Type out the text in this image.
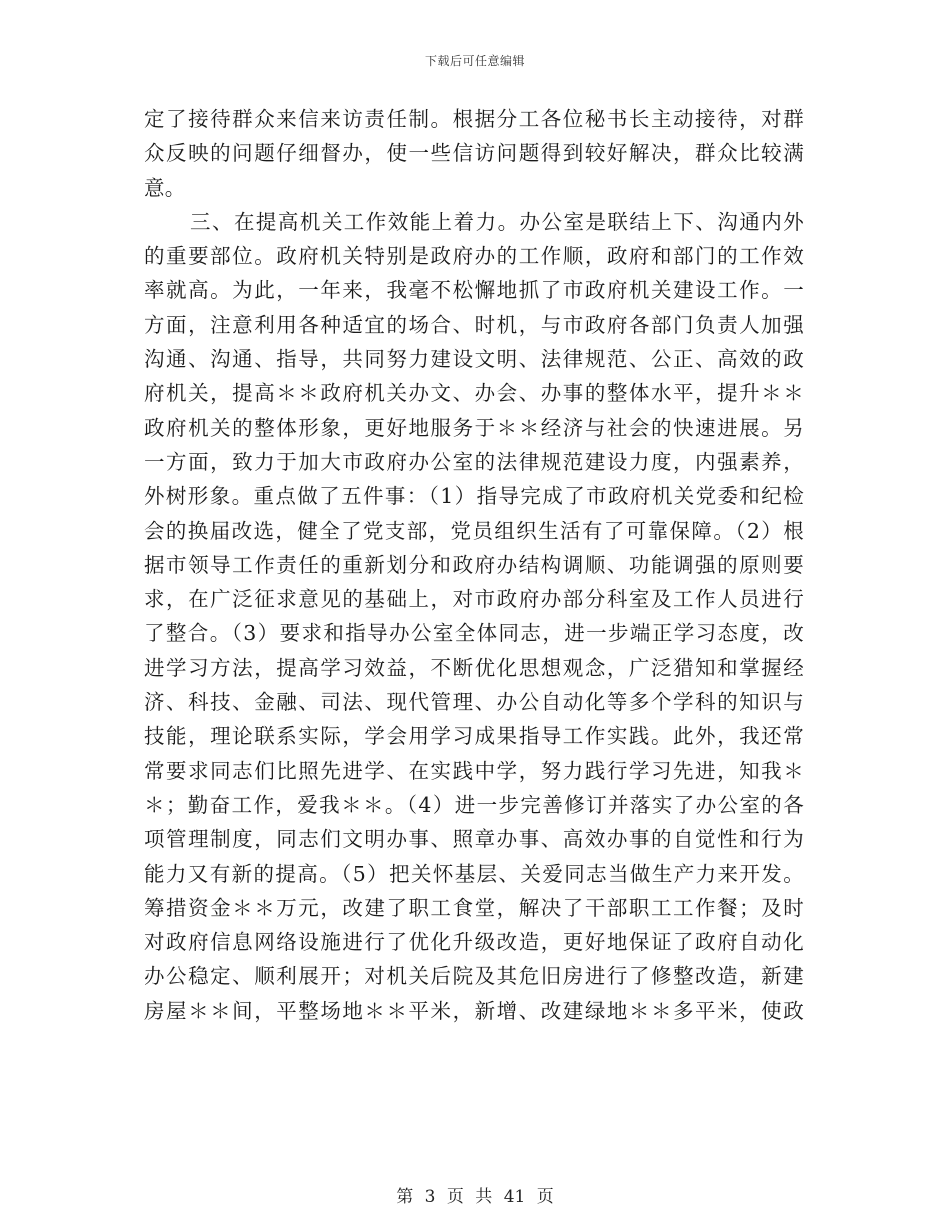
下载后可任意编辑
定了接待群众来信来访责任制。根据分工各位秘书长主动接待，对群
众反映的问题仔细督办，使一些信访问题得到较好解决，群众比较满
意。
三、在提高机关工作效能上着力。办公室是联结上下、沟通内外
的重要部位。政府机关特别是政府办的工作顺，政府和部门的工作效
率就高。为此，一年来，我毫不松懈地抓了市政府机关建设工作。一
方面，注意利用各种适宜的场合、时机，与市政府各部门负责人加强
沟通、沟通、指导，共同努力建设文明、法律规范、公正、高效的政
府机关，提高＊＊政府机关办文、办会、办事的整体水平，提升＊＊
政府机关的整体形象，更好地服务于＊＊经济与社会的快速进展。另
一方面，致力于加大市政府办公室的法律规范建设力度，内强素养，
外树形象。重点做了五件事：（1）指导完成了市政府机关党委和纪检
会的换届改选，健全了党支部，党员组织生活有了可靠保障。（2）根
据市领导工作责任的重新划分和政府办结构调顺、功能调强的原则要
求，在广泛征求意见的基础上，对市政府办部分科室及工作人员进行
了整合。（3）要求和指导办公室全体同志，进一步端正学习态度，改
进学习方法，提高学习效益，不断优化思想观念，广泛猎知和掌握经
济、科技、金融、司法、现代管理、办公自动化等多个学科的知识与
技能，理论联系实际，学会用学习成果指导工作实践。此外，我还常
常要求同志们比照先进学、在实践中学，努力践行学习先进，知我＊
＊；勤奋工作，爱我＊＊。（4）进一步完善修订并落实了办公室的各
项管理制度，同志们文明办事、照章办事、高效办事的自觉性和行为
能力又有新的提高。（5）把关怀基层、关爱同志当做生产力来开发。
筹措资金＊＊万元，改建了职工食堂，解决了干部职工工作餐；及时
对政府信息网络设施进行了优化升级改造，更好地保证了政府自动化
办公稳定、顺利展开；对机关后院及其危旧房进行了修整改造，新建
房屋＊＊间，平整场地＊＊平米，新增、改建绿地＊＊多平米，使政
第 3 页 共 41 页
